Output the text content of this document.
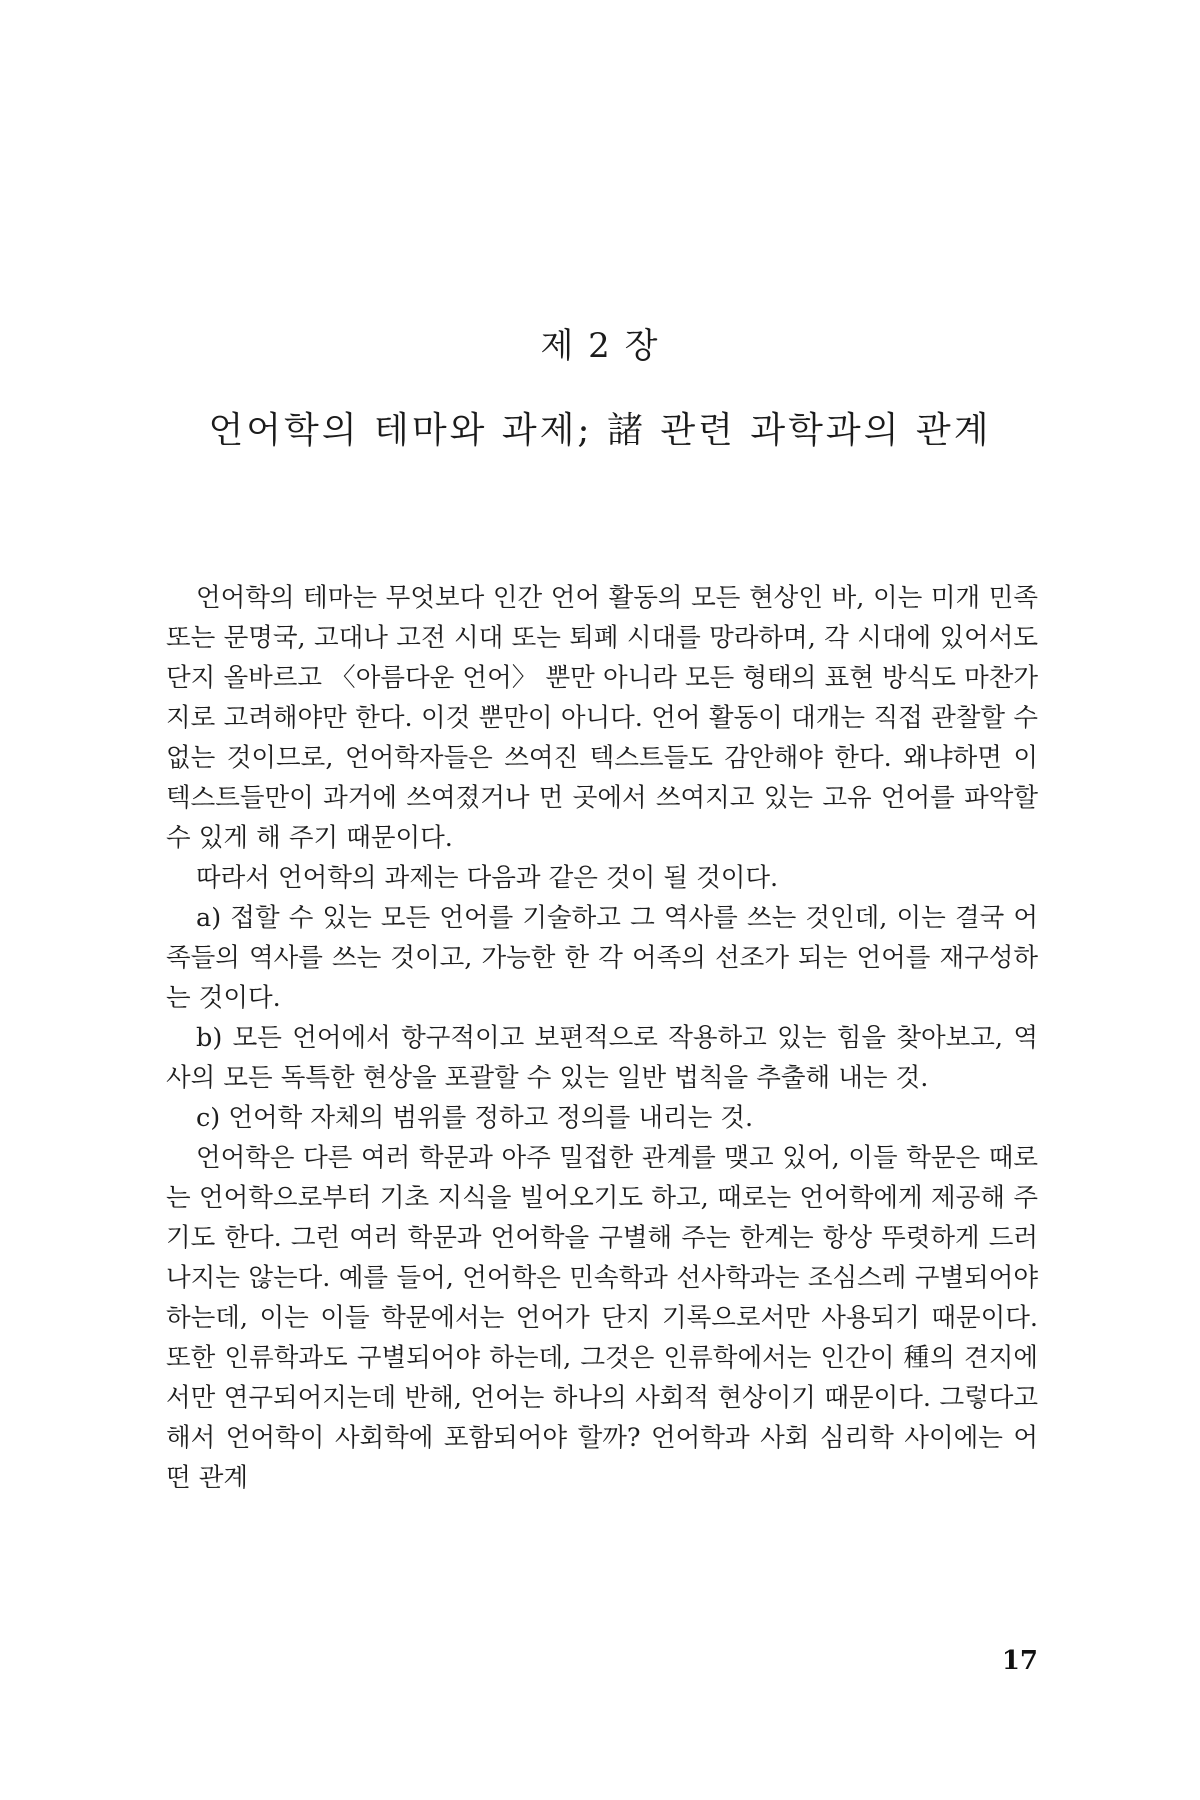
제 2 장
언어학의 테마와 과제; 諸 관련 과학과의 관계

언어학의 테마는 무엇보다 인간 언어 활동의 모든 현상인 바, 이는 미개 민족 또는 문명국, 고대나 고전 시대 또는 퇴폐 시대를 망라하며, 각 시대에 있어서도 단지 올바르고 〈아름다운 언어〉 뿐만 아니라 모든 형태의 표현 방식도 마찬가지로 고려해야만 한다. 이것 뿐만이 아니다. 언어 활동이 대개는 직접 관찰할 수 없는 것이므로, 언어학자들은 쓰여진 텍스트들도 감안해야 한다. 왜냐하면 이 텍스트들만이 과거에 쓰여졌거나 먼 곳에서 쓰여지고 있는 고유 언어를 파악할 수 있게 해 주기 때문이다.

따라서 언어학의 과제는 다음과 같은 것이 될 것이다.

a) 접할 수 있는 모든 언어를 기술하고 그 역사를 쓰는 것인데, 이는 결국 어족들의 역사를 쓰는 것이고, 가능한 한 각 어족의 선조가 되는 언어를 재구성하는 것이다.

b) 모든 언어에서 항구적이고 보편적으로 작용하고 있는 힘을 찾아보고, 역사의 모든 독특한 현상을 포괄할 수 있는 일반 법칙을 추출해 내는 것.

c) 언어학 자체의 범위를 정하고 정의를 내리는 것.

언어학은 다른 여러 학문과 아주 밀접한 관계를 맺고 있어, 이들 학문은 때로는 언어학으로부터 기초 지식을 빌어오기도 하고, 때로는 언어학에게 제공해 주기도 한다. 그런 여러 학문과 언어학을 구별해 주는 한계는 항상 뚜렷하게 드러나지는 않는다. 예를 들어, 언어학은 민속학과 선사학과는 조심스레 구별되어야 하는데, 이는 이들 학문에서는 언어가 단지 기록으로서만 사용되기 때문이다. 또한 인류학과도 구별되어야 하는데, 그것은 인류학에서는 인간이 種의 견지에서만 연구되어지는데 반해, 언어는 하나의 사회적 현상이기 때문이다. 그렇다고 해서 언어학이 사회학에 포함되어야 할까? 언어학과 사회 심리학 사이에는 어떤 관계

17
